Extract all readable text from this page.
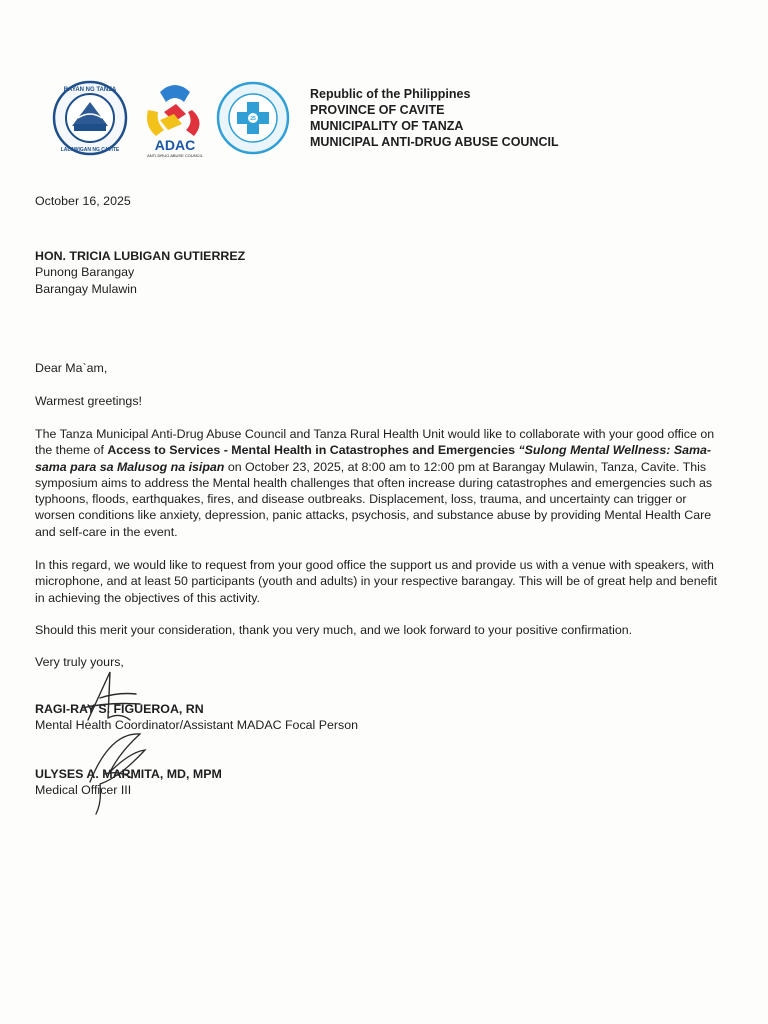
BAYAN NG TANZA
LALAWIGAN NG CAVITE	ADAC
ANTI-DRUG ABUSE COUNCIL
25
Republic of the Philippines
PROVINCE OF CAVITE
MUNICIPALITY OF TANZA
MUNICIPAL ANTI-DRUG ABUSE COUNCIL
October 16, 2025
HON. TRICIA LUBIGAN GUTIERREZ
Punong Barangay
Barangay Mulawin
Dear Ma`am,
Warmest greetings!
The Tanza Municipal Anti-Drug Abuse Council and Tanza Rural Health Unit would like to collaborate with your good office on the theme of Access to Services - Mental Health in Catastrophes and Emergencies “Sulong Mental Wellness: Sama-sama para sa Malusog na isipan on October 23, 2025, at 8:00 am to 12:00 pm at Barangay Mulawin, Tanza, Cavite. This symposium aims to address the Mental health challenges that often increase during catastrophes and emergencies such as typhoons, floods, earthquakes, fires, and disease outbreaks. Displacement, loss, trauma, and uncertainty can trigger or worsen conditions like anxiety, depression, panic attacks, psychosis, and substance abuse by providing Mental Health Care and self-care in the event.
In this regard, we would like to request from your good office the support us and provide us with a venue with speakers, with microphone, and at least 50 participants (youth and adults) in your respective barangay. This will be of great help and benefit in achieving the objectives of this activity.
Should this merit your consideration, thank you very much, and we look forward to your positive confirmation.
Very truly yours,
RAGI-RAY S. FIGUEROA, RN
Mental Health Coordinator/Assistant MADAC Focal Person
ULYSES A. MARMITA, MD, MPM
Medical Officer III
